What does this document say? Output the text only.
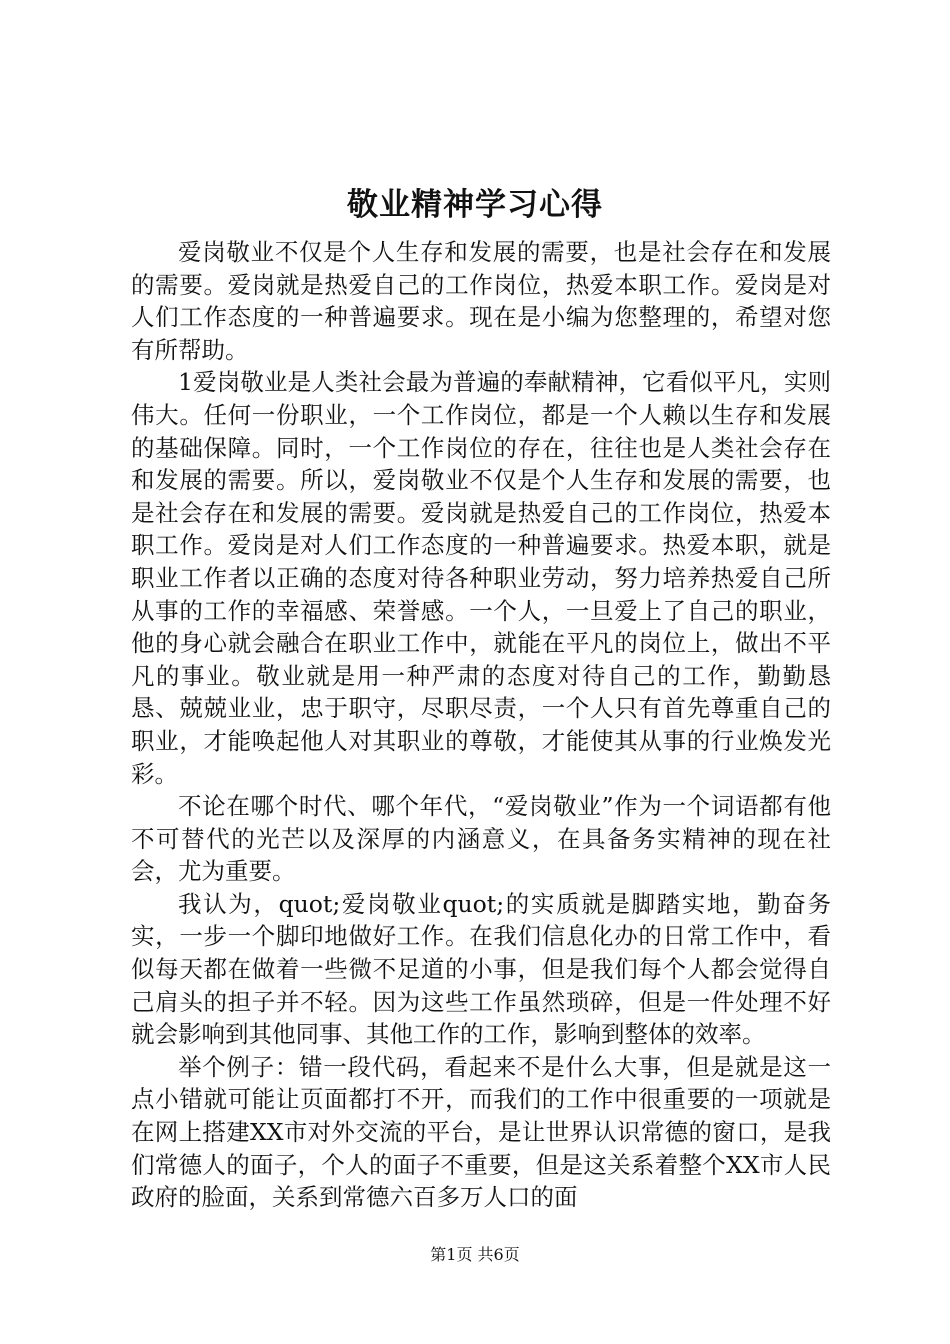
敬业精神学习心得

爱岗敬业不仅是个人生存和发展的需要，也是社会存在和发展的需要。爱岗就是热爱自己的工作岗位，热爱本职工作。爱岗是对人们工作态度的一种普遍要求。现在是小编为您整理的，希望对您有所帮助。

1爱岗敬业是人类社会最为普遍的奉献精神，它看似平凡，实则伟大。任何一份职业，一个工作岗位，都是一个人赖以生存和发展的基础保障。同时，一个工作岗位的存在，往往也是人类社会存在和发展的需要。所以，爱岗敬业不仅是个人生存和发展的需要，也是社会存在和发展的需要。爱岗就是热爱自己的工作岗位，热爱本职工作。爱岗是对人们工作态度的一种普遍要求。热爱本职，就是职业工作者以正确的态度对待各种职业劳动，努力培养热爱自己所从事的工作的幸福感、荣誉感。一个人，一旦爱上了自己的职业，他的身心就会融合在职业工作中，就能在平凡的岗位上，做出不平凡的事业。敬业就是用一种严肃的态度对待自己的工作，勤勤恳恳、兢兢业业，忠于职守，尽职尽责，一个人只有首先尊重自己的职业，才能唤起他人对其职业的尊敬，才能使其从事的行业焕发光彩。

不论在哪个时代、哪个年代，“爱岗敬业”作为一个词语都有他不可替代的光芒以及深厚的内涵意义，在具备务实精神的现在社会，尤为重要。

我认为，quot;爱岗敬业quot;的实质就是脚踏实地，勤奋务实，一步一个脚印地做好工作。在我们信息化办的日常工作中，看似每天都在做着一些微不足道的小事，但是我们每个人都会觉得自己肩头的担子并不轻。因为这些工作虽然琐碎，但是一件处理不好就会影响到其他同事、其他工作的工作，影响到整体的效率。

举个例子：错一段代码，看起来不是什么大事，但是就是这一点小错就可能让页面都打不开，而我们的工作中很重要的一项就是在网上搭建XX市对外交流的平台，是让世界认识常德的窗口，是我们常德人的面子，个人的面子不重要，但是这关系着整个XX市人民政府的脸面，关系到常德六百多万人口的面

第1页 共6页
